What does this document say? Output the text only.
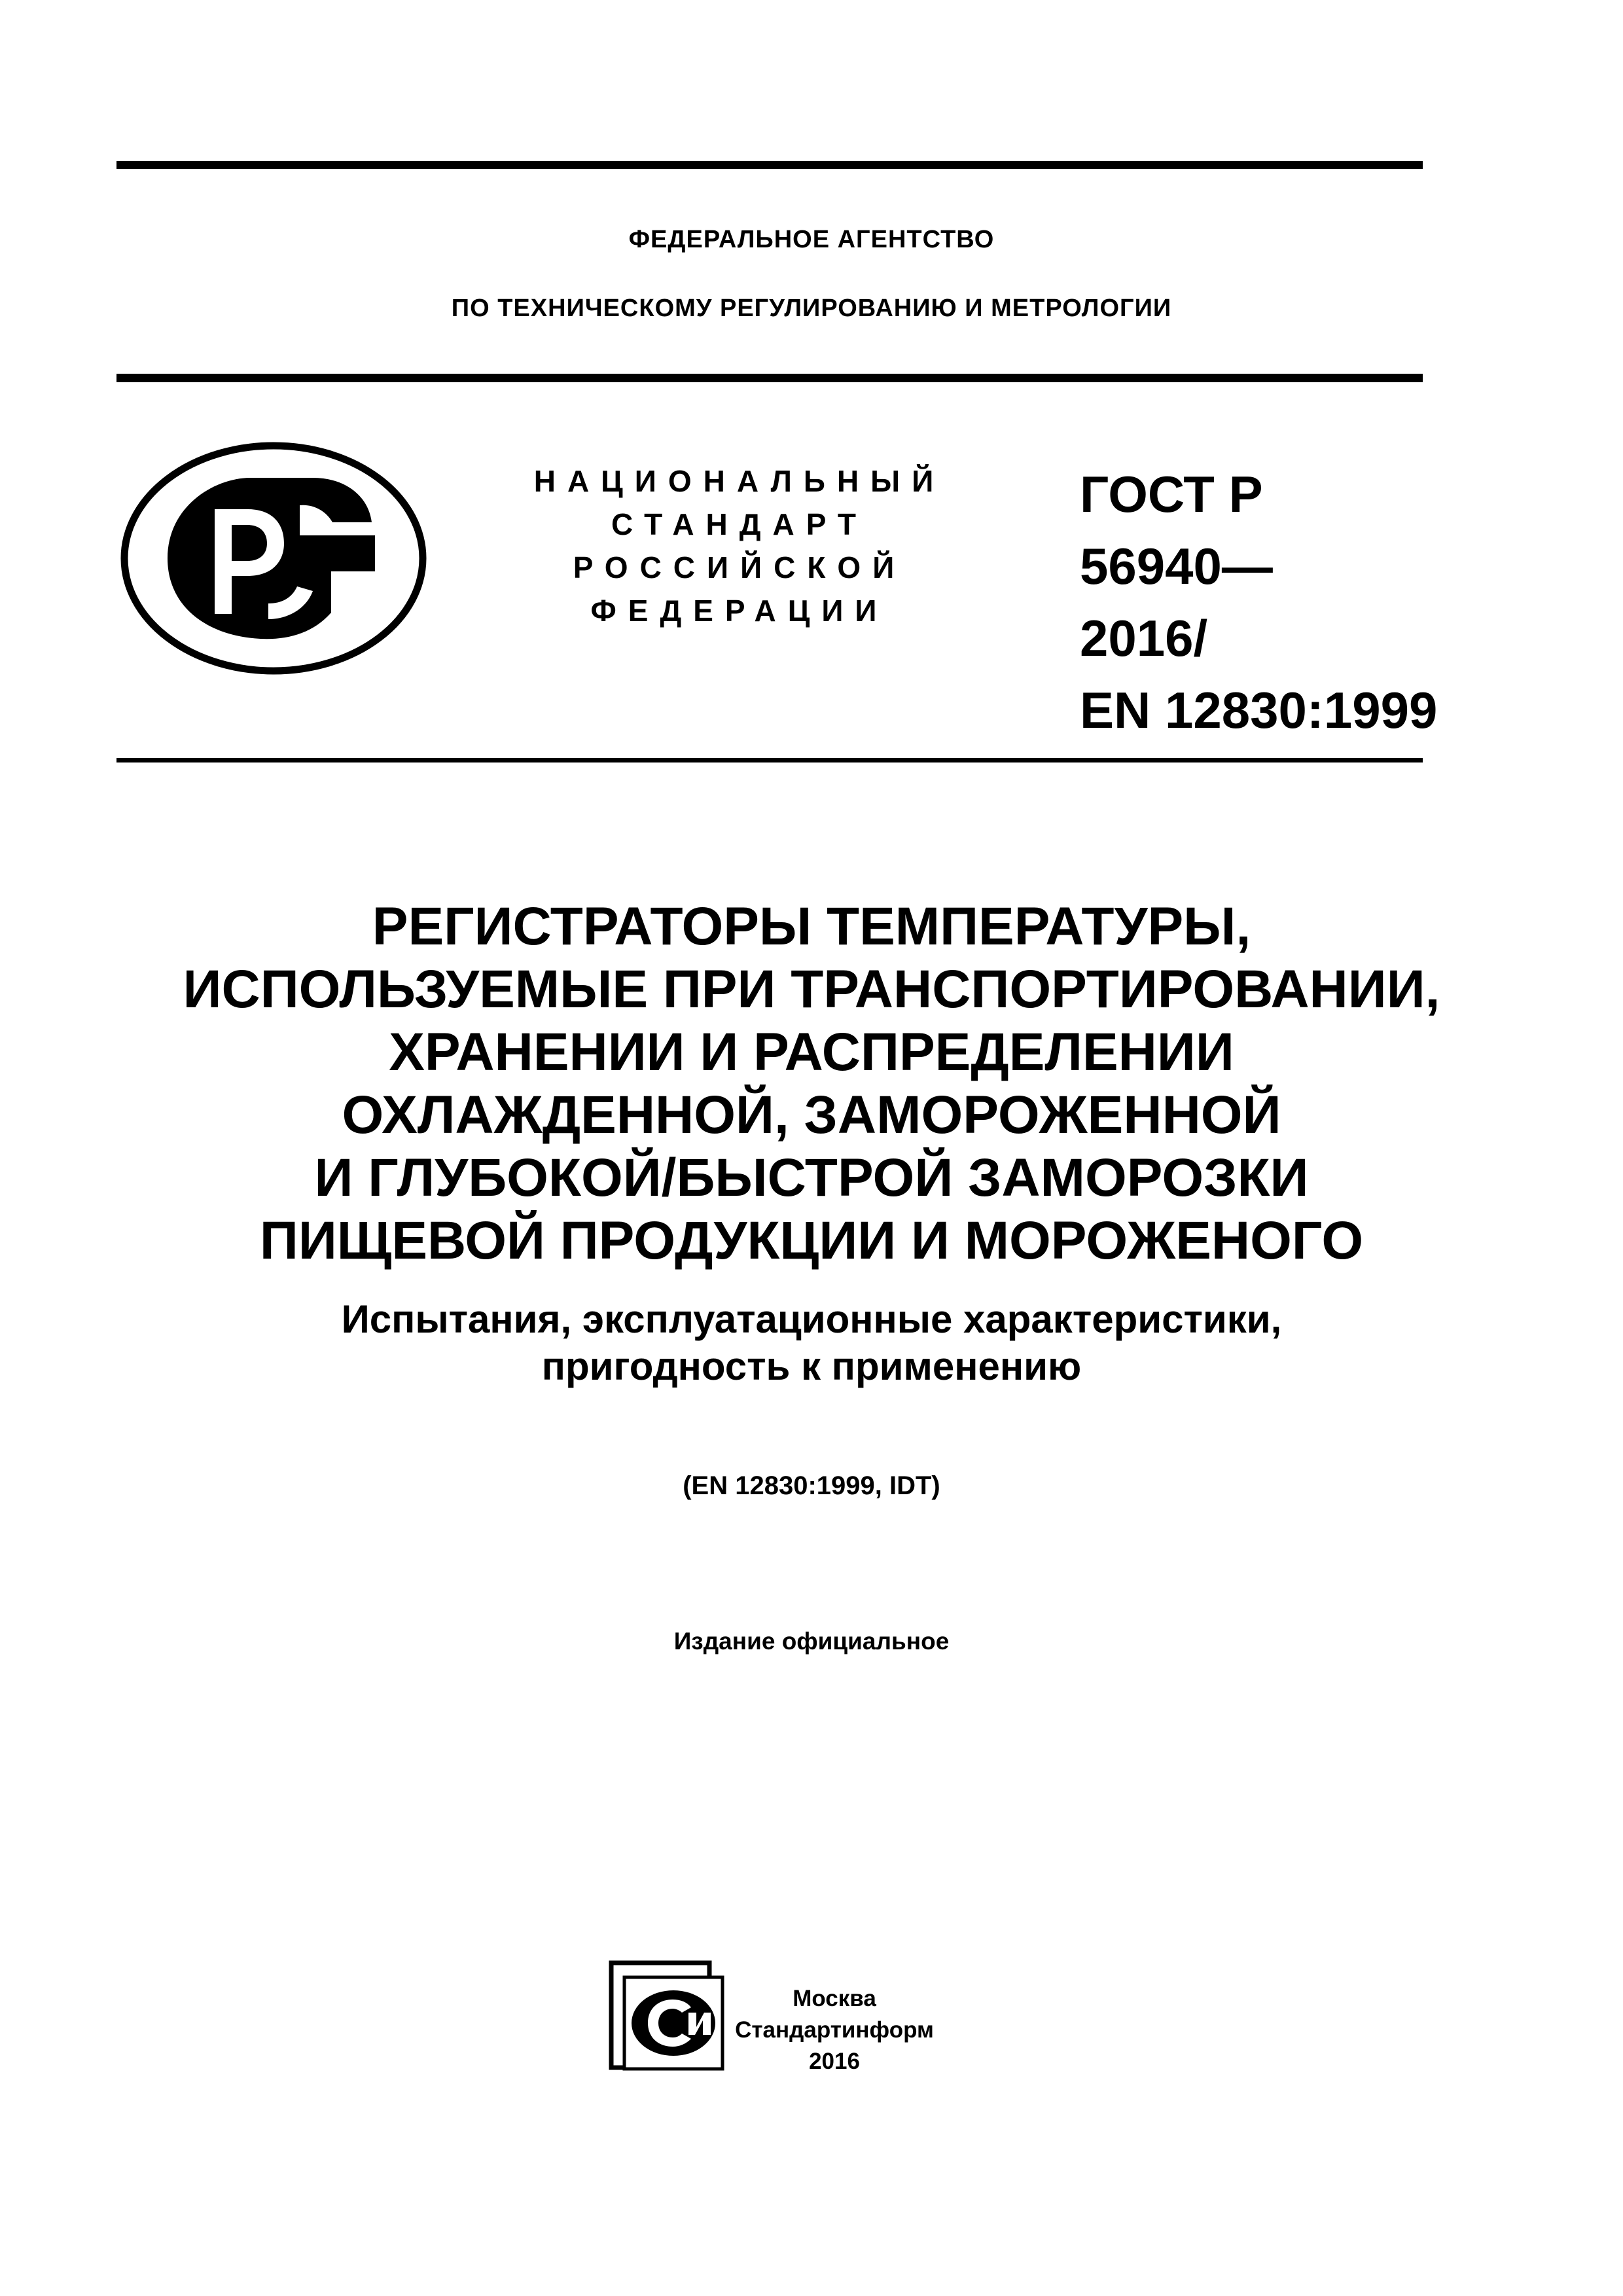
ФЕДЕРАЛЬНОЕ АГЕНТСТВО
ПО ТЕХНИЧЕСКОМУ РЕГУЛИРОВАНИЮ И МЕТРОЛОГИИ
РСТ
НАЦИОНАЛЬНЫЙ
СТАНДАРТ
РОССИЙСКОЙ
ФЕДЕРАЦИИ
ГОСТ Р
56940—
2016/
EN 12830:1999
РЕГИСТРАТОРЫ ТЕМПЕРАТУРЫ,
ИСПОЛЬЗУЕМЫЕ ПРИ ТРАНСПОРТИРОВАНИИ,
ХРАНЕНИИ И РАСПРЕДЕЛЕНИИ
ОХЛАЖДЕННОЙ, ЗАМОРОЖЕННОЙ
И ГЛУБОКОЙ/БЫСТРОЙ ЗАМОРОЗКИ
ПИЩЕВОЙ ПРОДУКЦИИ И МОРОЖЕНОГО
Испытания, эксплуатационные характеристики,
пригодность к применению
(EN 12830:1999, IDT)
Издание официальное
СИ
Москва
Стандартинформ
2016
